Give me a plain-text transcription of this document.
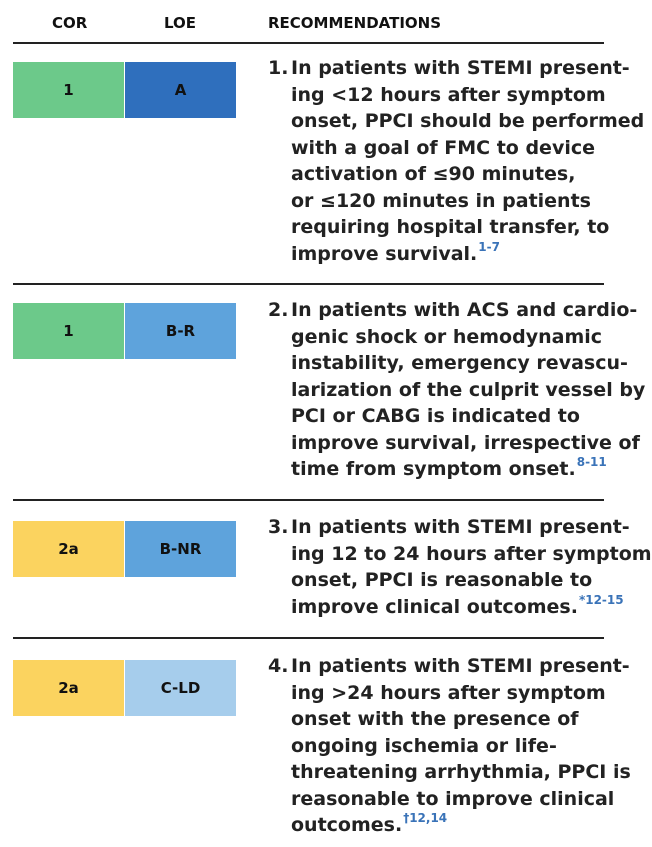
COR	LOE	RECOMMENDATIONS
1	A
1. In patients with STEMI present-
ing <12 hours after symptom
onset, PPCI should be performed
with a goal of FMC to device
activation of ≤90 minutes,
or ≤120 minutes in patients
requiring hospital transfer, to
improve survival.$^{1-7}$
1	B-R
2. In patients with ACS and cardio-
genic shock or hemodynamic
instability, emergency revascu-
larization of the culprit vessel by
PCI or CABG is indicated to
improve survival, irrespective of
time from symptom onset.$^{8-11}$
2a	B-NR
3. In patients with STEMI present-
ing 12 to 24 hours after symptom
onset, PPCI is reasonable to
improve clinical outcomes.$^{*12-15}$
2a	C-LD
4. In patients with STEMI present-
ing >24 hours after symptom
onset with the presence of
ongoing ischemia or life-
threatening arrhythmia, PPCI is
reasonable to improve clinical
outcomes.$^{\dagger 12,14}$
